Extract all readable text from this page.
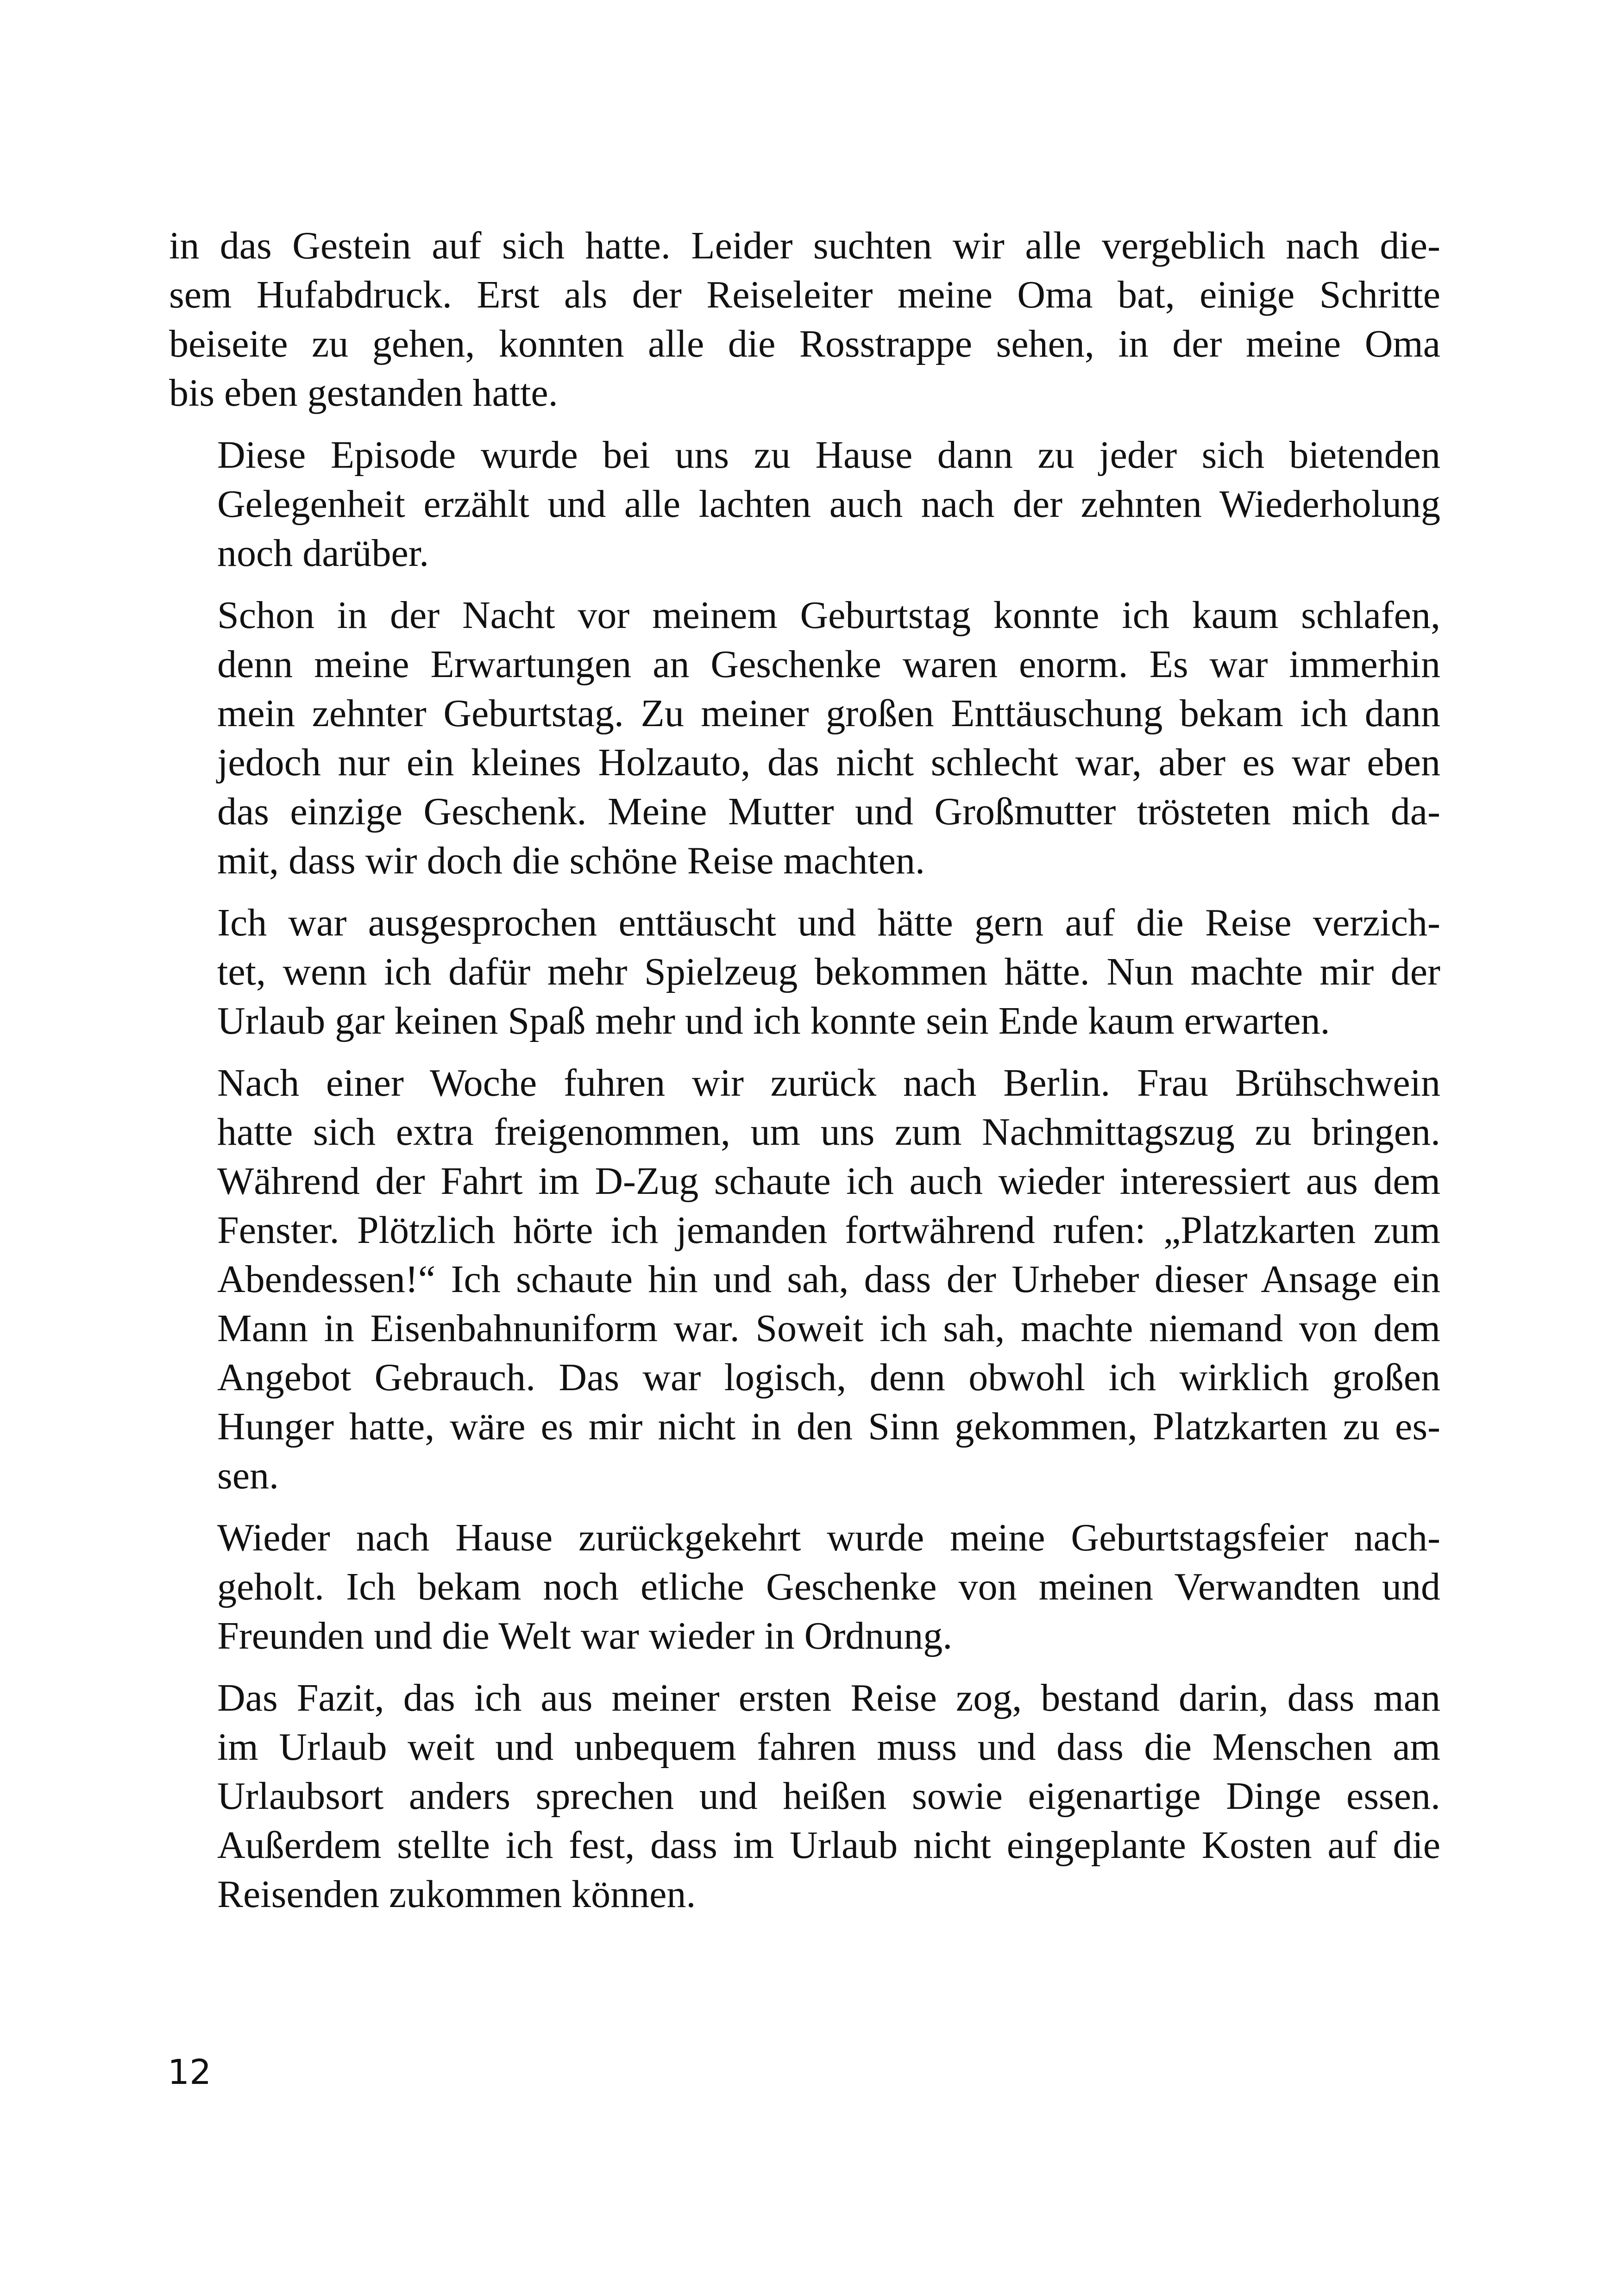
in das Gestein auf sich hatte. Leider suchten wir alle vergeblich nach die-
sem Hufabdruck. Erst als der Reiseleiter meine Oma bat, einige Schritte
beiseite zu gehen, konnten alle die Rosstrappe sehen, in der meine Oma
bis eben gestanden hatte.

Diese Episode wurde bei uns zu Hause dann zu jeder sich bietenden
Gelegenheit erzählt und alle lachten auch nach der zehnten Wiederholung
noch darüber.

Schon in der Nacht vor meinem Geburtstag konnte ich kaum schlafen,
denn meine Erwartungen an Geschenke waren enorm. Es war immerhin
mein zehnter Geburtstag. Zu meiner großen Enttäuschung bekam ich dann
jedoch nur ein kleines Holzauto, das nicht schlecht war, aber es war eben
das einzige Geschenk. Meine Mutter und Großmutter trösteten mich da-
mit, dass wir doch die schöne Reise machten.

Ich war ausgesprochen enttäuscht und hätte gern auf die Reise verzich-
tet, wenn ich dafür mehr Spielzeug bekommen hätte. Nun machte mir der
Urlaub gar keinen Spaß mehr und ich konnte sein Ende kaum erwarten.

Nach einer Woche fuhren wir zurück nach Berlin. Frau Brühschwein
hatte sich extra freigenommen, um uns zum Nachmittagszug zu bringen.
Während der Fahrt im D-Zug schaute ich auch wieder interessiert aus dem
Fenster. Plötzlich hörte ich jemanden fortwährend rufen: „Platzkarten zum
Abendessen!“ Ich schaute hin und sah, dass der Urheber dieser Ansage ein
Mann in Eisenbahnuniform war. Soweit ich sah, machte niemand von dem
Angebot Gebrauch. Das war logisch, denn obwohl ich wirklich großen
Hunger hatte, wäre es mir nicht in den Sinn gekommen, Platzkarten zu es-
sen.

Wieder nach Hause zurückgekehrt wurde meine Geburtstagsfeier nach-
geholt. Ich bekam noch etliche Geschenke von meinen Verwandten und
Freunden und die Welt war wieder in Ordnung.

Das Fazit, das ich aus meiner ersten Reise zog, bestand darin, dass man
im Urlaub weit und unbequem fahren muss und dass die Menschen am
Urlaubsort anders sprechen und heißen sowie eigenartige Dinge essen.
Außerdem stellte ich fest, dass im Urlaub nicht eingeplante Kosten auf die
Reisenden zukommen können.

12
